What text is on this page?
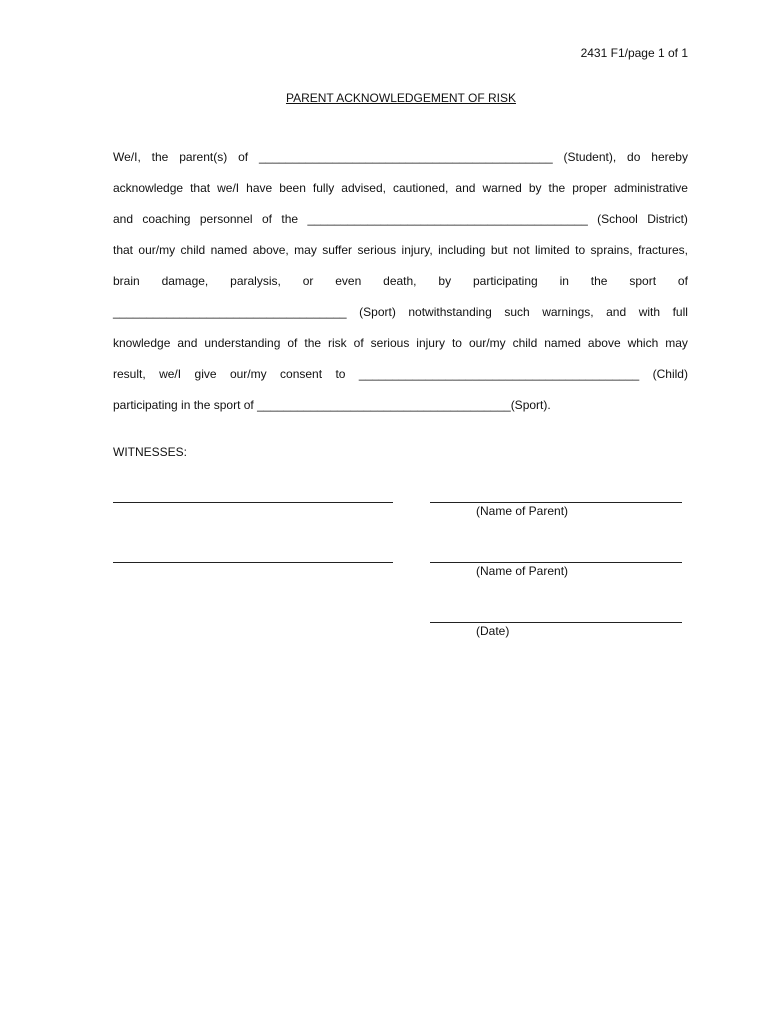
2431 F1/page 1 of 1
PARENT ACKNOWLEDGEMENT OF RISK
We/I, the parent(s) of ____________________________________________ (Student), do hereby
acknowledge that we/I have been fully advised, cautioned, and warned by the proper administrative
and coaching personnel of the __________________________________________ (School District)
that our/my child named above, may suffer serious injury, including but not limited to sprains, fractures,
brain damage, paralysis, or even death, by participating in the sport of
___________________________________ (Sport) notwithstanding such warnings, and with full
knowledge and understanding of the risk of serious injury to our/my child named above which may
result, we/I give our/my consent to __________________________________________ (Child)
participating in the sport of ______________________________________(Sport).
WITNESSES:
(Name of Parent)
(Name of Parent)
(Date)
